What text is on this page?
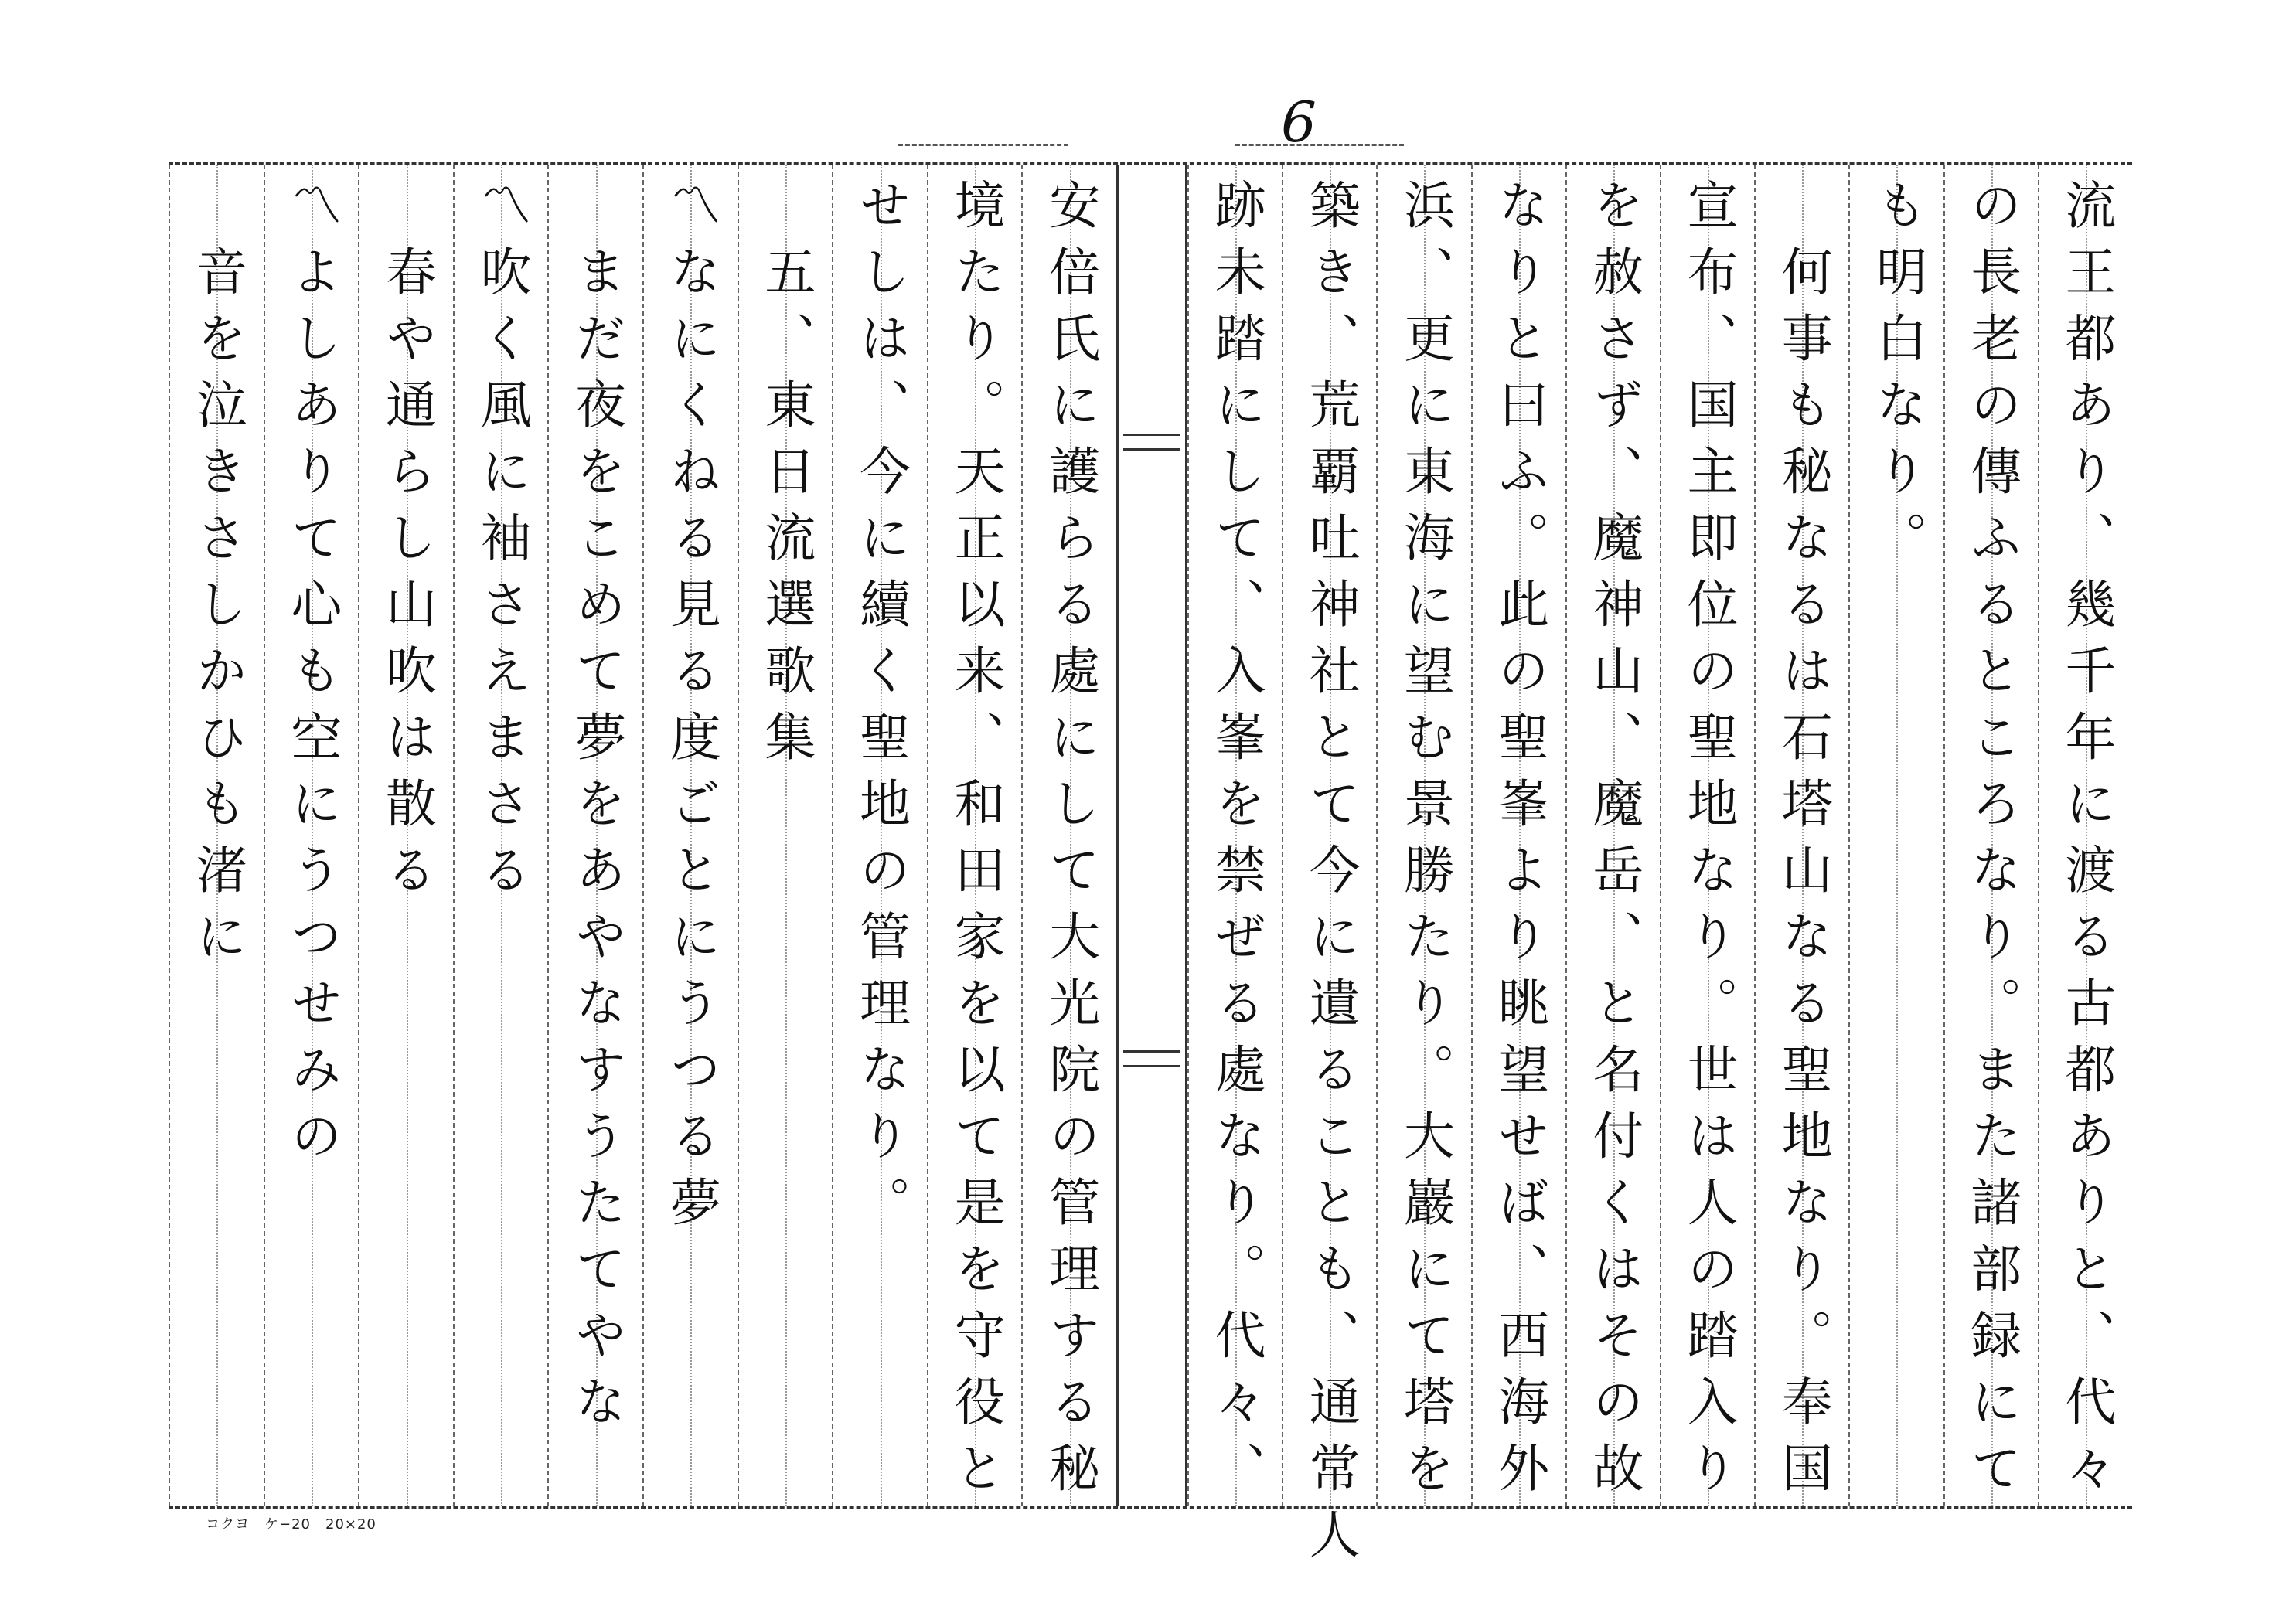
6
流王都あり、幾千年に渡る古都ありと、代々
の長老の傳ふるところなり。また諸部録にて
も明白なり。
　何事も秘なるは石塔山なる聖地なり。奉国
宣布、国主即位の聖地なり。世は人の踏入り
を赦さず、魔神山、魔岳、と名付くはその故
なりと曰ふ。此の聖峯より眺望せば、西海外
浜、更に東海に望む景勝たり。大巖にて塔を
築き、荒覇吐神社とて今に遺ることも、通常人
跡未踏にして、入峯を禁ぜる處なり。代々、
安倍氏に護らる處にして大光院の管理する秘
境たり。天正以来、和田家を以て是を守役と
せしは、今に續く聖地の管理なり。
　五、東日流選歌集
〽なにくねる見る度ごとにうつる夢
　まだ夜をこめて夢をあやなすうたてやな
〽吹く風に袖さえまさる
　春や通らし山吹は散る
〽よしありて心も空にうつせみの
　音を泣きさしかひも渚に
コクヨ　ケ−20　20×20
